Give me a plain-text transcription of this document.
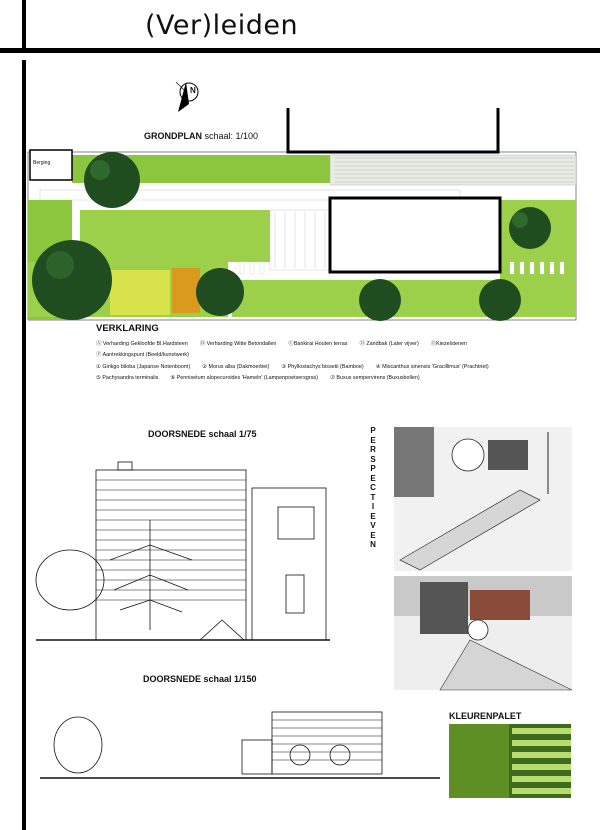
(Ver)leiden
GRONDPLAN schaal: 1/100
N
Berging
VERKLARING
Ⓐ Verharding Gekloofde Bl.Hardsteen Ⓑ Verharding Witte Betondallen ⒸBankirai Houten terras Ⓓ Zandbak (Later vijver) ⒺKiezelstenen
Ⓕ Aantrekkingspunt (Beeld/kunstwerk)
① Ginkgo biloba (Japanse Notenboom) ② Morus alba (Dakmoerbei) ③ Phyllostachys bissetii (Bamboe) ④ Miscanthus sinensis 'Gracillimus' (Prachtriet)
⑤ Pachysandra terminalis ⑥ Pennisetum alopecuroides 'Hameln' (Lampenpoetsersgras) ⑦ Buxus sempervirens (Buxusbollen)
DOORSNEDE schaal 1/75
DOORSNEDE schaal 1/150
KLEURENPALET
P
E
R
S
P
E
C
T
I
E
V
E
N
